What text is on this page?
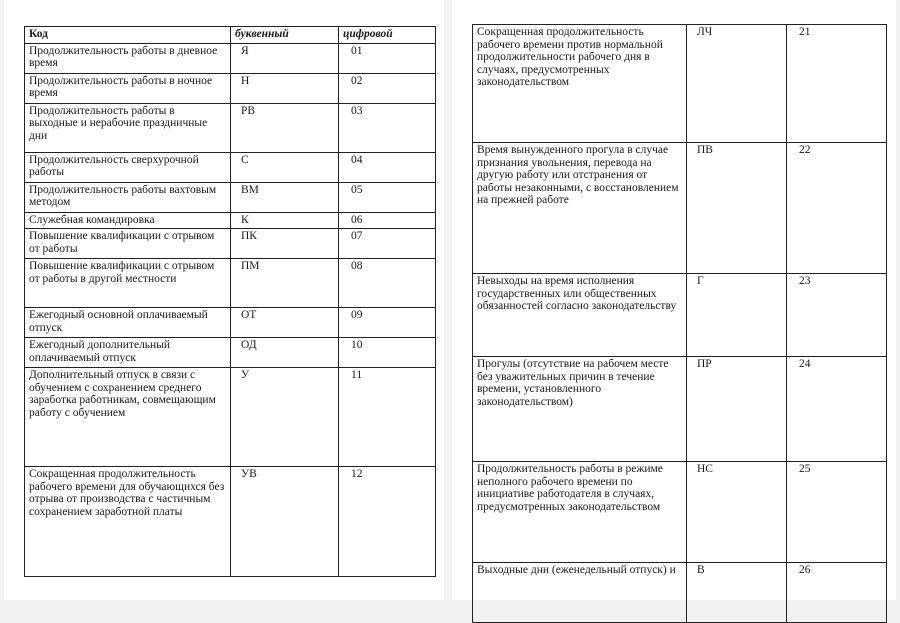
Код	буквенный	цифровой
Продолжительность работы в дневное время	Я	01
Продолжительность работы в ночное время	Н	02
Продолжительность работы в выходные и нерабочие праздничные дни	РВ	03
Продолжительность сверхурочной работы	С	04
Продолжительность работы вахтовым методом	ВМ	05
Служебная командировка	К	06
Повышение квалификации с отрывом от работы	ПК	07
Повышение квалификации с отрывом от работы в другой местности	ПМ	08
Ежегодный основной оплачиваемый отпуск	ОТ	09
Ежегодный дополнительный оплачиваемый отпуск	ОД	10
Дополнительный отпуск в связи с обучением с сохранением среднего заработка работникам, совмещающим работу с обучением	У	11
Сокращенная продолжительность рабочего времени для обучающихся без отрыва от производства с частичным сохранением заработной платы	УВ	12
Сокращенная продолжительность рабочего времени против нормальной продолжительности рабочего дня в случаях, предусмотренных законодательством	ЛЧ	21
Время вынужденного прогула в случае признания увольнения, перевода на другую работу или отстранения от работы незаконными, с восстановлением на прежней работе	ПВ	22
Невыходы на время исполнения государственных или общественных обязанностей согласно законодательству	Г	23
Прогулы (отсутствие на рабочем месте без уважительных причин в течение времени, установленного законодательством)	ПР	24
Продолжительность работы в режиме неполного рабочего времени по инициативе работодателя в случаях, предусмотренных законодательством	НС	25
Выходные дни (еженедельный отпуск) и	В	26
